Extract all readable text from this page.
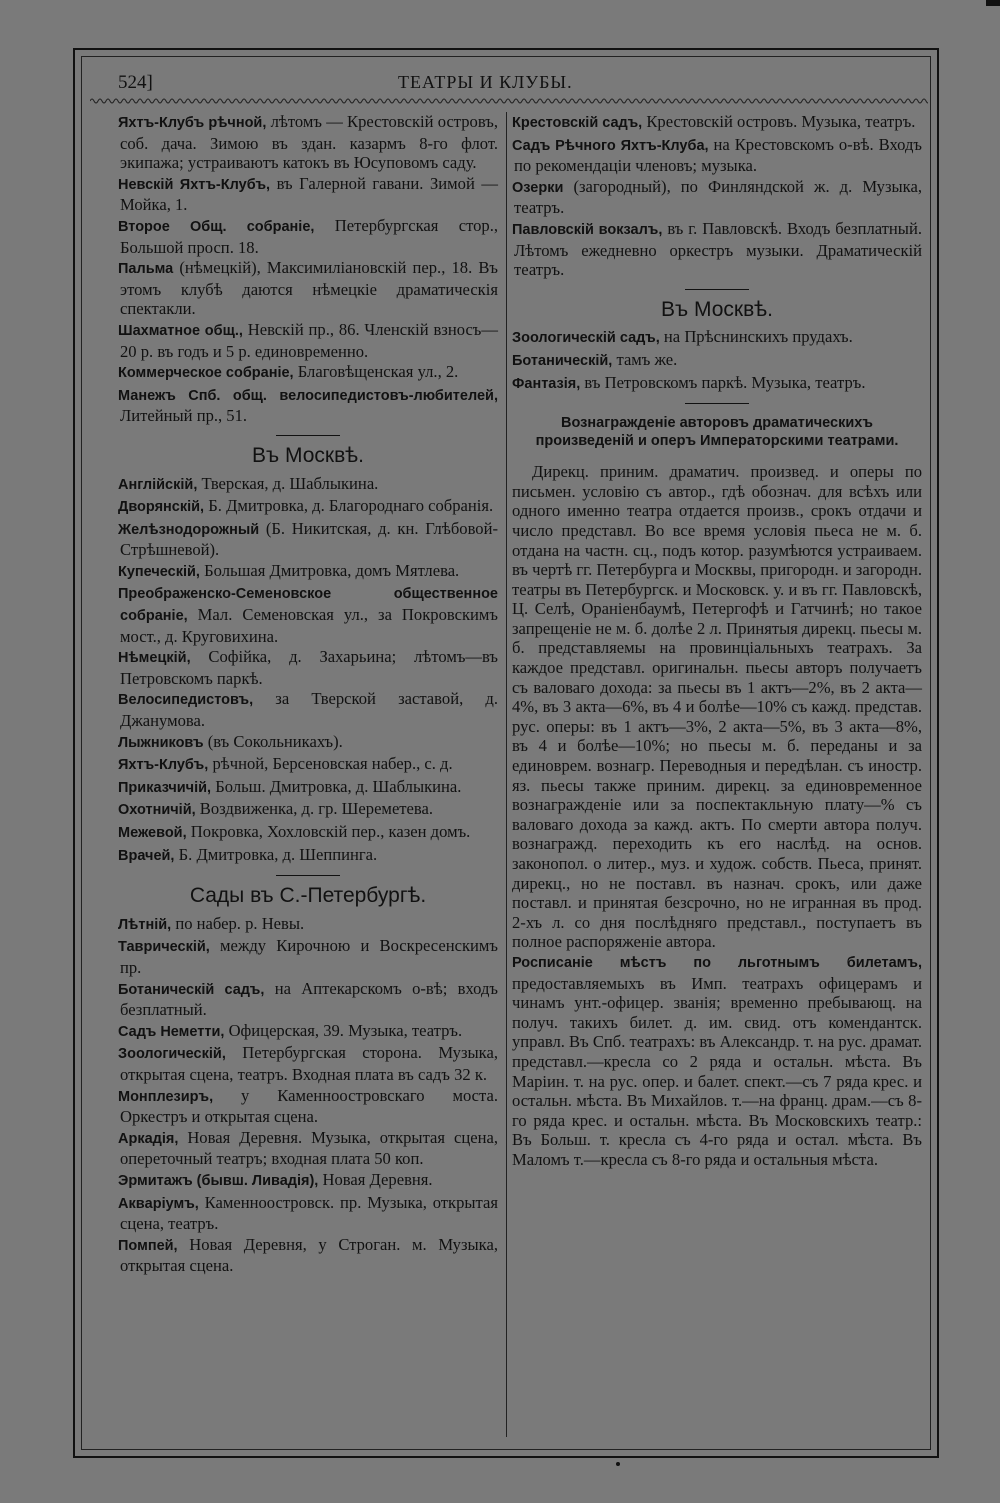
524]	ТЕАТРЫ И КЛУБЫ.
Яхтъ-Клубъ рѣчной, лѣтомъ — Крестовскій островъ, соб. дача. Зимою въ здан. казармъ 8-го флот. экипажа; устраиваютъ катокъ въ Юсуповомъ саду.
Невскій Яхтъ-Клубъ, въ Галерной гавани. Зимой — Мойка, 1.
Второе Общ. собраніе, Петербургская стор., Большой просп. 18.
Пальма (нѣмецкій), Максимиліановскій пер., 18. Въ этомъ клубѣ даются нѣмецкіе драматическія спектакли.
Шахматное общ., Невскій пр., 86. Членскій взносъ—20 р. въ годъ и 5 р. единовременно.
Коммерческое собраніе, Благовѣщенская ул., 2.
Манежъ Спб. общ. велосипедистовъ-любителей, Литейный пр., 51.
Въ Москвѣ.
Англійскій, Тверская, д. Шаблыкина.
Дворянскій, Б. Дмитровка, д. Благороднаго собранія.
Желѣзнодорожный (Б. Никитская, д. кн. Глѣбовой-Стрѣшневой).
Купеческій, Большая Дмитровка, домъ Мятлева.
Преображенско-Семеновское общественное собраніе, Мал. Семеновская ул., за Покровскимъ мост., д. Круговихина.
Нѣмецкій, Софійка, д. Захарьина; лѣтомъ—въ Петровскомъ паркѣ.
Велосипедистовъ, за Тверской заставой, д. Джанумова.
Лыжниковъ (въ Сокольникахъ).
Яхтъ-Клубъ, рѣчной, Берсеновская набер., с. д.
Приказчичій, Больш. Дмитровка, д. Шаблыкина.
Охотничій, Воздвиженка, д. гр. Шереметева.
Межевой, Покровка, Хохловскій пер., казен домъ.
Врачей, Б. Дмитровка, д. Шеппинга.
Сады въ С.-Петербургѣ.
Лѣтній, по набер. р. Невы.
Таврическій, между Кирочною и Воскресенскимъ пр.
Ботаническій садъ, на Аптекарскомъ о-вѣ; входъ безплатный.
Садъ Неметти, Офицерская, 39. Музыка, театръ.
Зоологическій, Петербургская сторона. Музыка, открытая сцена, театръ. Входная плата въ садъ 32 к.
Монплезиръ, у Каменноостровскаго моста. Оркестръ и открытая сцена.
Аркадія, Новая Деревня. Музыка, открытая сцена, опереточный театръ; входная плата 50 коп.
Эрмитажъ (бывш. Ливадія), Новая Деревня.
Аквaріумъ, Каменноостровск. пр. Музыка, открытая сцена, театръ.
Помпей, Новая Деревня, у Строган. м. Музыка, открытая сцена.
Крестовскій садъ, Крестовскій островъ. Музыка, театръ.
Садъ Рѣчного Яхтъ-Клуба, на Крестовскомъ о-вѣ. Входъ по рекомендаціи членовъ; музыка.
Озерки (загородный), по Финляндской ж. д. Музыка, театръ.
Павловскій вокзалъ, въ г. Павловскѣ. Входъ безплатный. Лѣтомъ ежедневно оркестръ музыки. Драматическій театръ.
Въ Москвѣ.
Зоологическій садъ, на Прѣснинскихъ прудахъ.
Ботаническій, тамъ же.
Фантазія, въ Петровскомъ паркѣ. Музыка, театръ.
Вознагражденіе авторовъ драматическихъ произведеній и оперъ Императорскими театрами.

Дирекц. приним. драматич. произвед. и оперы по письмен. условію съ автор., гдѣ обознач. для всѣхъ или одного именно театра отдается произв., срокъ отдачи и число представл. Во все время условія пьеса не м. б. отдана на частн. сц., подъ котор. разумѣются устраиваем. въ чертѣ гг. Петербурга и Москвы, пригородн. и загородн. театры въ Петербургск. и Московск. у. и въ гг. Павловскѣ, Ц. Селѣ, Ораніенбаумѣ, Петергофѣ и Гатчинѣ; но такое запрещеніе не м. б. долѣе 2 л. Принятыя дирекц. пьесы м. б. представляемы на провинціальныхъ театрахъ. За каждое представл. оригинальн. пьесы авторъ получаетъ съ валоваго дохода: за пьесы въ 1 актъ—2%, въ 2 акта—4%, въ 3 акта—6%, въ 4 и болѣе—10% съ кажд. представ. рус. оперы: въ 1 актъ—3%, 2 акта—5%, въ 3 акта—8%, въ 4 и болѣе—10%; но пьесы м. б. переданы и за единоврем. вознагр. Переводныя и передѣлан. съ иностр. яз. пьесы также приним. дирекц. за единовременное вознагражденіе или за поспектакльную плату—% съ валоваго дохода за кажд. актъ. По смерти автора получ. вознагражд. переходить къ его наслѣд. на основ. законопол. о литер., муз. и худож. собств. Пьеса, принят. дирекц., но не поставл. въ назнач. срокъ, или даже поставл. и принятая безсрочно, но не игранная въ прод. 2-хъ л. со дня послѣдняго представл., поступаетъ въ полное распоряженіе автора.

Росписаніе мѣстъ по льготнымъ билетамъ, предоставляемыхъ въ Имп. театрахъ офицерамъ и чинамъ унт.-офицер. званія; временно пребывающ. на получ. такихъ билет. д. им. свид. отъ комендантск. управл. Въ Спб. театрахъ: въ Александр. т. на рус. драмат. представл.—кресла со 2 ряда и остальн. мѣста. Въ Маріин. т. на рус. опер. и балет. спект.—съ 7 ряда крес. и остальн. мѣста. Въ Михайлов. т.—на франц. драм.—съ 8-го ряда крес. и остальн. мѣста. Въ Московскихъ театр.: Въ Больш. т. кресла съ 4-го ряда и остал. мѣста. Въ Маломъ т.—кресла съ 8-го ряда и остальныя мѣста.
